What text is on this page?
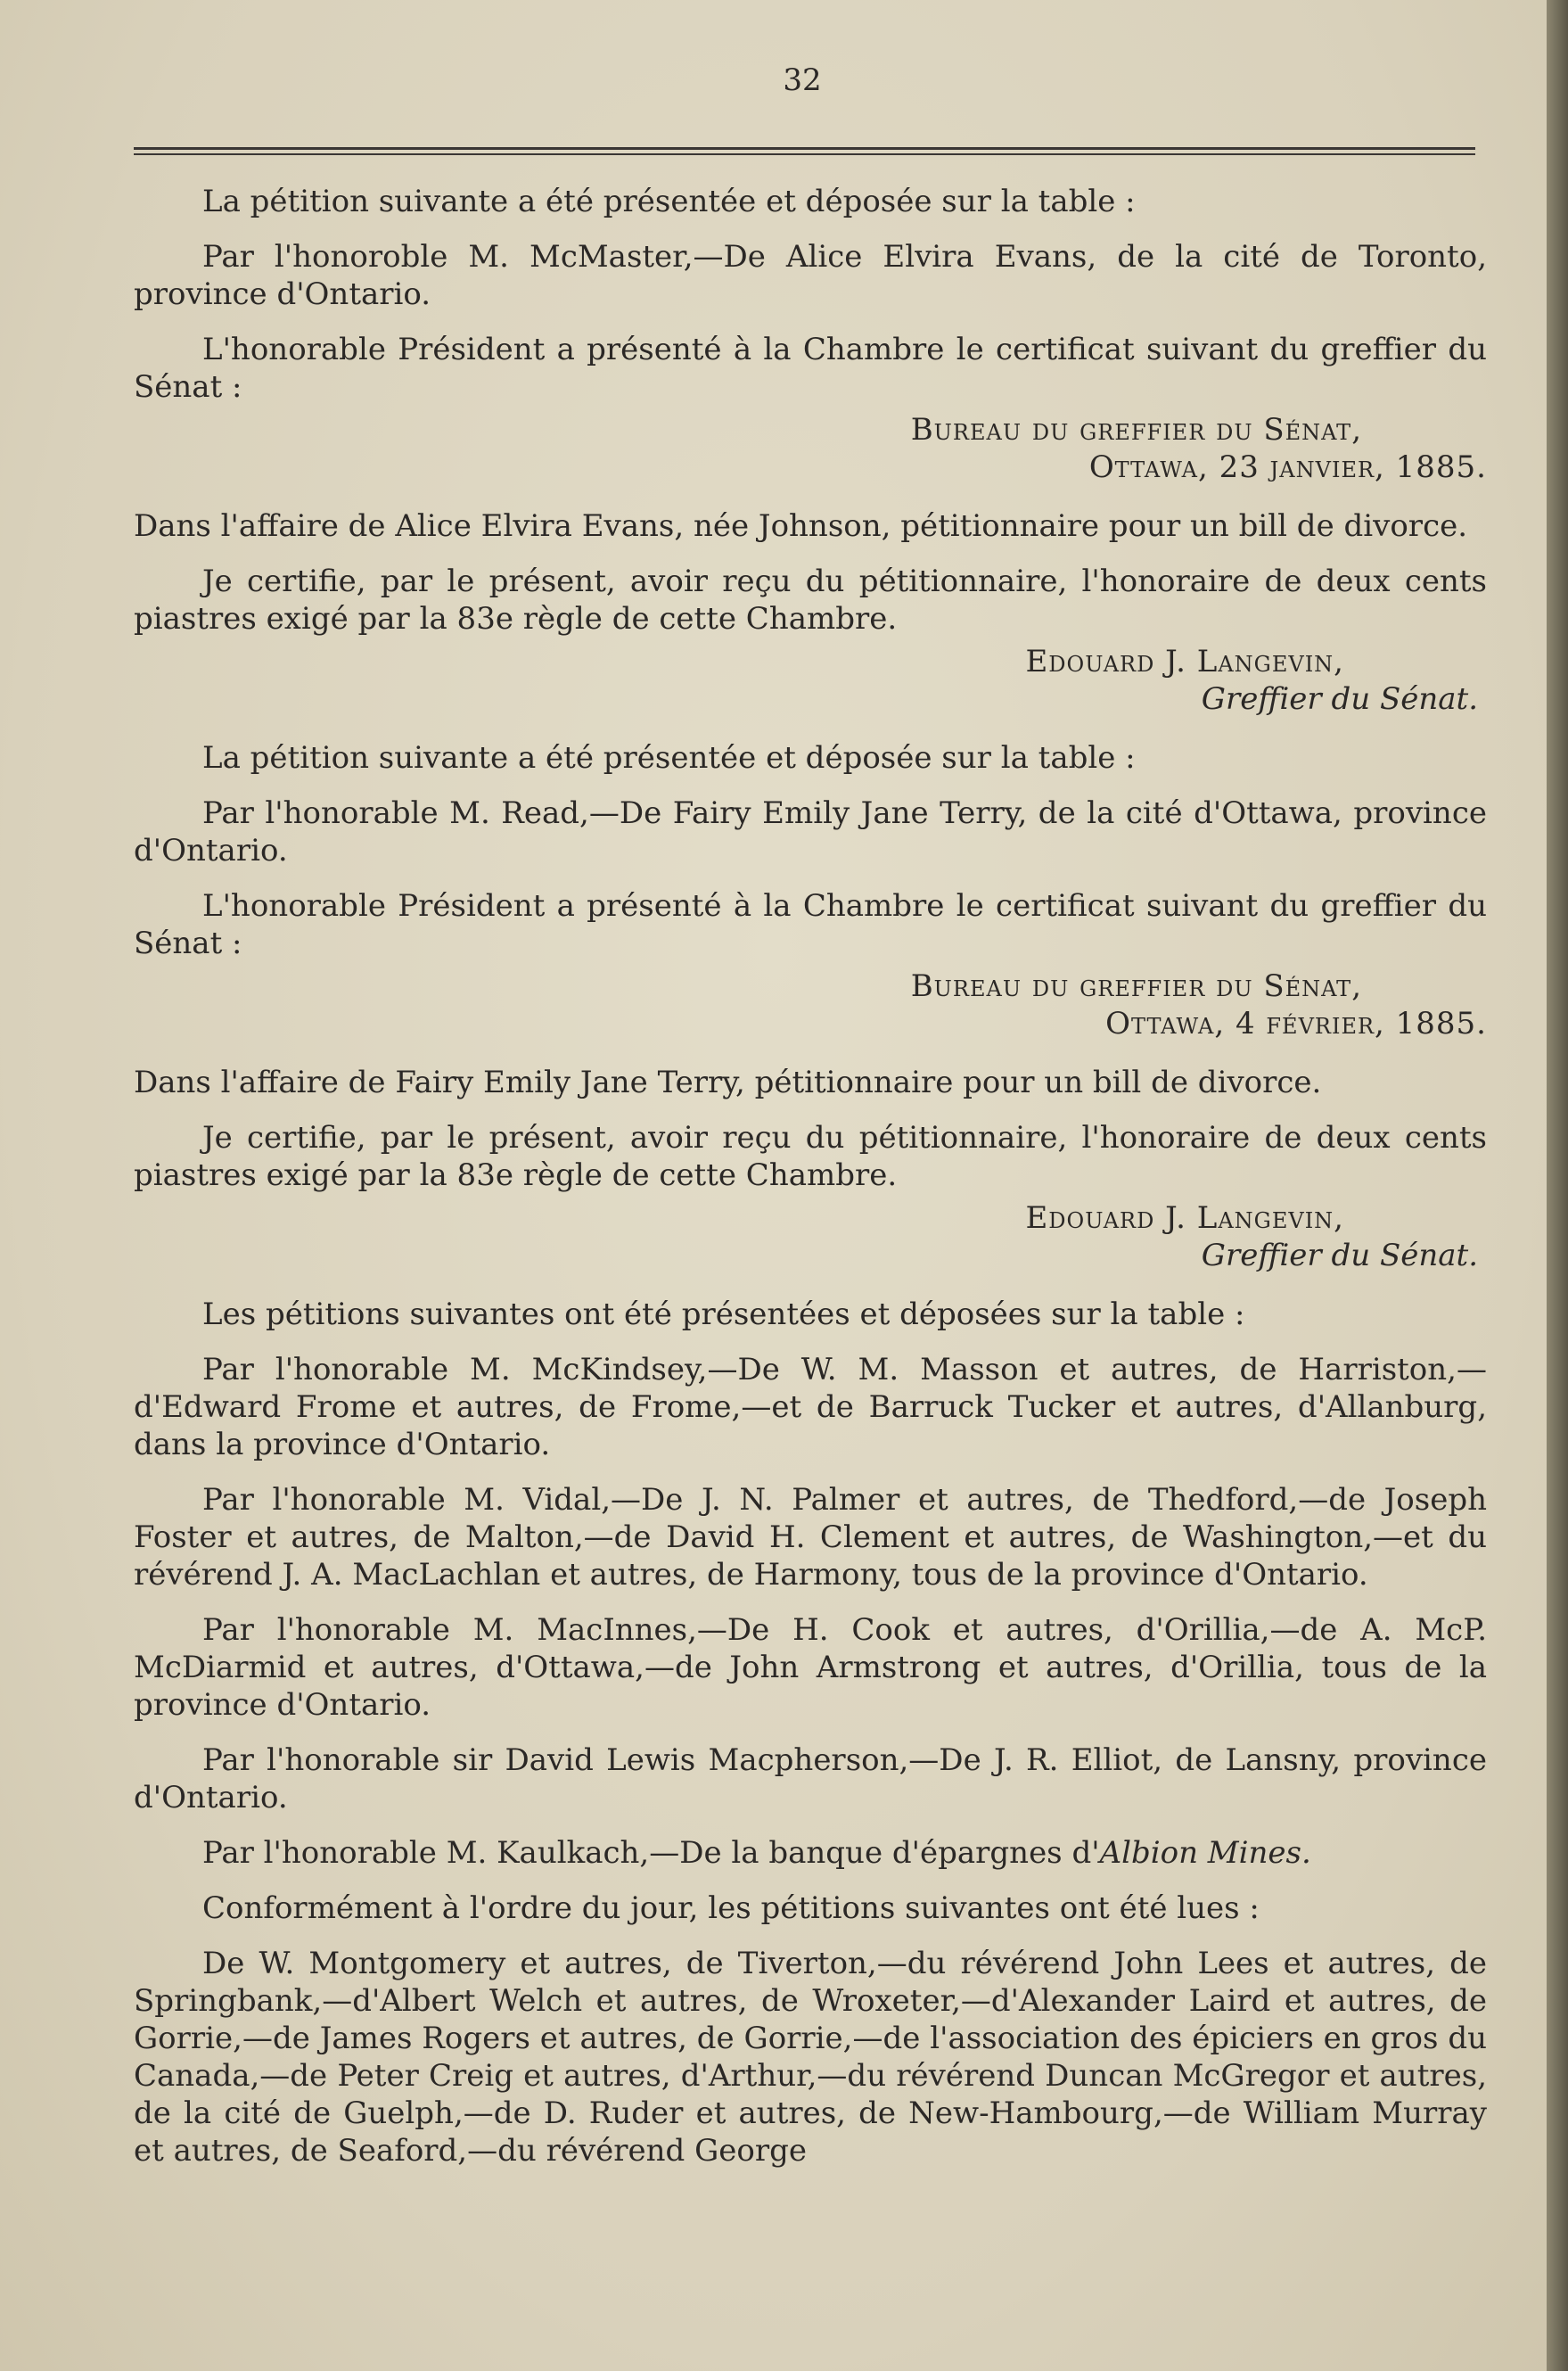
32

La pétition suivante a été présentée et déposée sur la table :

Par l'honoroble M. McMaster,—De Alice Elvira Evans, de la cité de Toronto, province d'Ontario.

L'honorable Président a présenté à la Chambre le certificat suivant du greffier du Sénat :

Bureau du greffier du Sénat,
Ottawa, 23 janvier, 1885.

Dans l'affaire de Alice Elvira Evans, née Johnson, pétitionnaire pour un bill de divorce.

Je certifie, par le présent, avoir reçu du pétitionnaire, l'honoraire de deux cents piastres exigé par la 83e règle de cette Chambre.

Edouard J. Langevin,
Greffier du Sénat.

La pétition suivante a été présentée et déposée sur la table :

Par l'honorable M. Read,—De Fairy Emily Jane Terry, de la cité d'Ottawa, province d'Ontario.

L'honorable Président a présenté à la Chambre le certificat suivant du greffier du Sénat :

Bureau du greffier du Sénat,
Ottawa, 4 février, 1885.

Dans l'affaire de Fairy Emily Jane Terry, pétitionnaire pour un bill de divorce.

Je certifie, par le présent, avoir reçu du pétitionnaire, l'honoraire de deux cents piastres exigé par la 83e règle de cette Chambre.

Edouard J. Langevin,
Greffier du Sénat.

Les pétitions suivantes ont été présentées et déposées sur la table :

Par l'honorable M. McKindsey,—De W. M. Masson et autres, de Harriston,—d'Edward Frome et autres, de Frome,—et de Barruck Tucker et autres, d'Allanburg, dans la province d'Ontario.

Par l'honorable M. Vidal,—De J. N. Palmer et autres, de Thedford,—de Joseph Foster et autres, de Malton,—de David H. Clement et autres, de Washington,—et du révérend J. A. MacLachlan et autres, de Harmony, tous de la province d'Ontario.

Par l'honorable M. MacInnes,—De H. Cook et autres, d'Orillia,—de A. McP. McDiarmid et autres, d'Ottawa,—de John Armstrong et autres, d'Orillia, tous de la province d'Ontario.

Par l'honorable sir David Lewis Macpherson,—De J. R. Elliot, de Lansny, province d'Ontario.

Par l'honorable M. Kaulkach,—De la banque d'épargnes d'Albion Mines.

Conformément à l'ordre du jour, les pétitions suivantes ont été lues :

De W. Montgomery et autres, de Tiverton,—du révérend John Lees et autres, de Springbank,—d'Albert Welch et autres, de Wroxeter,—d'Alexander Laird et autres, de Gorrie,—de James Rogers et autres, de Gorrie,—de l'association des épiciers en gros du Canada,—de Peter Creig et autres, d'Arthur,—du révérend Duncan McGregor et autres, de la cité de Guelph,—de D. Ruder et autres, de New-Hambourg,—de William Murray et autres, de Seaford,—du révérend George
